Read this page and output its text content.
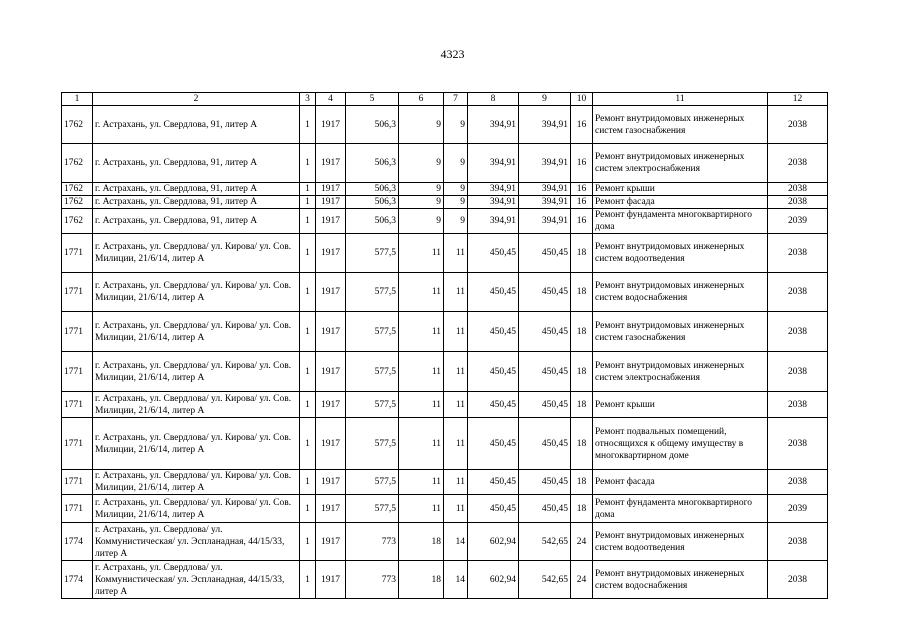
4323
1	2	3	4	5	6	7	8	9	10	11	12
1762	г. Астрахань, ул. Свердлова, 91, литер А	1	1917	506,3	9	9	394,91	394,91	16	Ремонт внутридомовых инженерных систем газоснабжения	2038
1762	г. Астрахань, ул. Свердлова, 91, литер А	1	1917	506,3	9	9	394,91	394,91	16	Ремонт внутридомовых инженерных систем электроснабжения	2038
1762	г. Астрахань, ул. Свердлова, 91, литер А	1	1917	506,3	9	9	394,91	394,91	16	Ремонт крыши	2038
1762	г. Астрахань, ул. Свердлова, 91, литер А	1	1917	506,3	9	9	394,91	394,91	16	Ремонт фасада	2038
1762	г. Астрахань, ул. Свердлова, 91, литер А	1	1917	506,3	9	9	394,91	394,91	16	Ремонт фундамента многоквартирного дома	2039
1771	г. Астрахань, ул. Свердлова/ ул. Кирова/ ул. Сов. Милиции, 21/6/14, литер А	1	1917	577,5	11	11	450,45	450,45	18	Ремонт внутридомовых инженерных систем водоотведения	2038
1771	г. Астрахань, ул. Свердлова/ ул. Кирова/ ул. Сов. Милиции, 21/6/14, литер А	1	1917	577,5	11	11	450,45	450,45	18	Ремонт внутридомовых инженерных систем водоснабжения	2038
1771	г. Астрахань, ул. Свердлова/ ул. Кирова/ ул. Сов. Милиции, 21/6/14, литер А	1	1917	577,5	11	11	450,45	450,45	18	Ремонт внутридомовых инженерных систем газоснабжения	2038
1771	г. Астрахань, ул. Свердлова/ ул. Кирова/ ул. Сов. Милиции, 21/6/14, литер А	1	1917	577,5	11	11	450,45	450,45	18	Ремонт внутридомовых инженерных систем электроснабжения	2038
1771	г. Астрахань, ул. Свердлова/ ул. Кирова/ ул. Сов. Милиции, 21/6/14, литер А	1	1917	577,5	11	11	450,45	450,45	18	Ремонт крыши	2038
1771	г. Астрахань, ул. Свердлова/ ул. Кирова/ ул. Сов. Милиции, 21/6/14, литер А	1	1917	577,5	11	11	450,45	450,45	18	Ремонт подвальных помещений, относящихся к общему имуществу в многоквартирном доме	2038
1771	г. Астрахань, ул. Свердлова/ ул. Кирова/ ул. Сов. Милиции, 21/6/14, литер А	1	1917	577,5	11	11	450,45	450,45	18	Ремонт фасада	2038
1771	г. Астрахань, ул. Свердлова/ ул. Кирова/ ул. Сов. Милиции, 21/6/14, литер А	1	1917	577,5	11	11	450,45	450,45	18	Ремонт фундамента многоквартирного дома	2039
1774	г. Астрахань, ул. Свердлова/ ул. Коммунистическая/ ул. Эспланадная, 44/15/33, литер А	1	1917	773	18	14	602,94	542,65	24	Ремонт внутридомовых инженерных систем водоотведения	2038
1774	г. Астрахань, ул. Свердлова/ ул. Коммунистическая/ ул. Эспланадная, 44/15/33, литер А	1	1917	773	18	14	602,94	542,65	24	Ремонт внутридомовых инженерных систем водоснабжения	2038
